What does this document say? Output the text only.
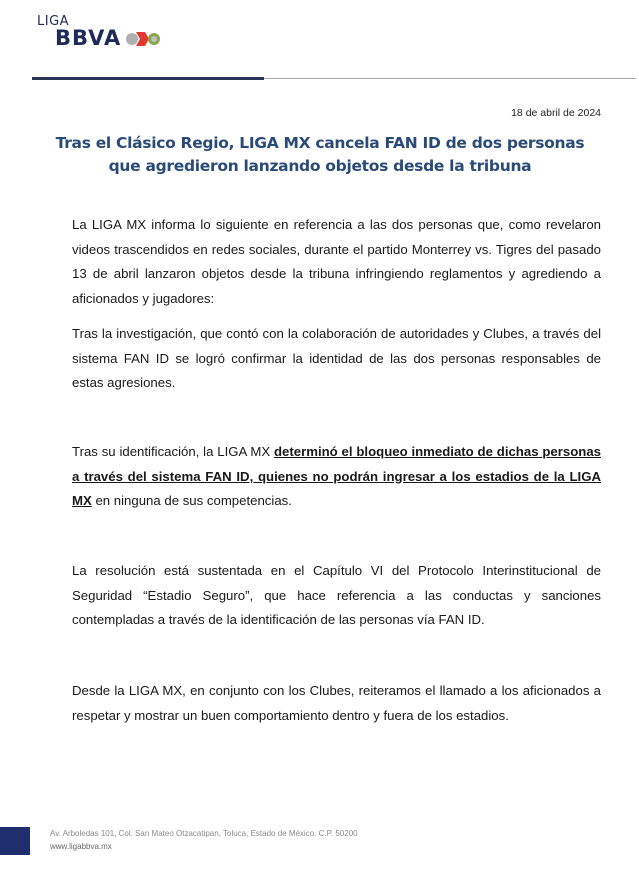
LIGA
BBVA
18 de abril de 2024
Tras el Clásico Regio, LIGA MX cancela FAN ID de dos personas que agredieron lanzando objetos desde la tribuna
La LIGA MX informa lo siguiente en referencia a las dos personas que, como revelaron videos trascendidos en redes sociales, durante el partido Monterrey vs. Tigres del pasado 13 de abril lanzaron objetos desde la tribuna infringiendo reglamentos y agrediendo a aficionados y jugadores:
Tras la investigación, que contó con la colaboración de autoridades y Clubes, a través del sistema FAN ID se logró confirmar la identidad de las dos personas responsables de estas agresiones.
Tras su identificación, la LIGA MX determinó el bloqueo inmediato de dichas personas a través del sistema FAN ID, quienes no podrán ingresar a los estadios de la LIGA MX en ninguna de sus competencias.
La resolución está sustentada en el Capítulo VI del Protocolo Interinstitucional de Seguridad “Estadio Seguro”, que hace referencia a las conductas y sanciones contempladas a través de la identificación de las personas vía FAN ID.
Desde la LIGA MX, en conjunto con los Clubes, reiteramos el llamado a los aficionados a respetar y mostrar un buen comportamiento dentro y fuera de los estadios.
Av. Arboledas 101, Col. San Mateo Otzacatipan, Toluca, Estado de México. C.P. 50200
www.ligabbva.mx
